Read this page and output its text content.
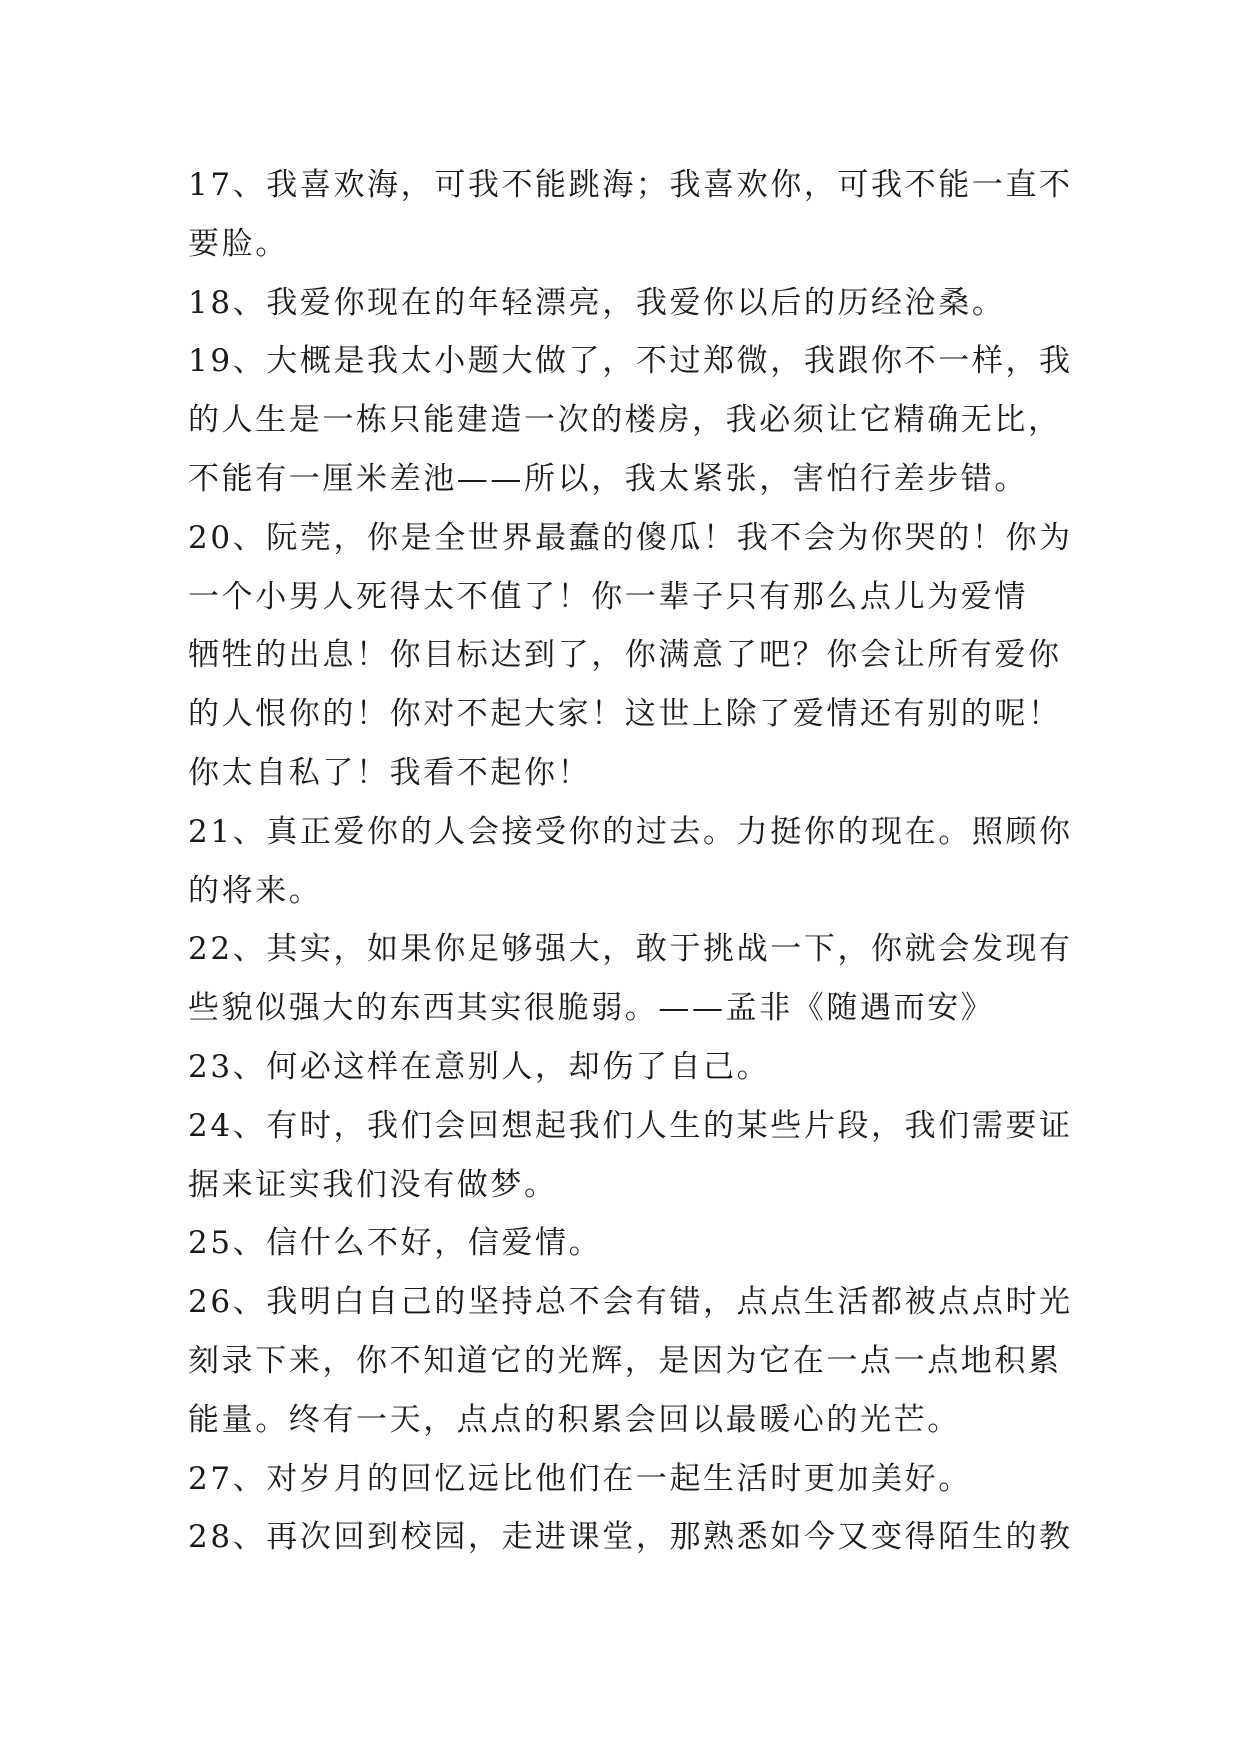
17、我喜欢海，可我不能跳海；我喜欢你，可我不能一直不
要脸。
18、我爱你现在的年轻漂亮，我爱你以后的历经沧桑。
19、大概是我太小题大做了，不过郑微，我跟你不一样，我
的人生是一栋只能建造一次的楼房，我必须让它精确无比，
不能有一厘米差池——所以，我太紧张，害怕行差步错。
20、阮莞，你是全世界最蠢的傻瓜！我不会为你哭的！你为
一个小男人死得太不值了！你一辈子只有那么点儿为爱情
牺牲的出息！你目标达到了，你满意了吧？你会让所有爱你
的人恨你的！你对不起大家！这世上除了爱情还有别的呢！
你太自私了！我看不起你！
21、真正爱你的人会接受你的过去。力挺你的现在。照顾你
的将来。
22、其实，如果你足够强大，敢于挑战一下，你就会发现有
些貌似强大的东西其实很脆弱。——孟非《随遇而安》
23、何必这样在意别人，却伤了自己。
24、有时，我们会回想起我们人生的某些片段，我们需要证
据来证实我们没有做梦。
25、信什么不好，信爱情。
26、我明白自己的坚持总不会有错，点点生活都被点点时光
刻录下来，你不知道它的光辉，是因为它在一点一点地积累
能量。终有一天，点点的积累会回以最暖心的光芒。
27、对岁月的回忆远比他们在一起生活时更加美好。
28、再次回到校园，走进课堂，那熟悉如今又变得陌生的教
